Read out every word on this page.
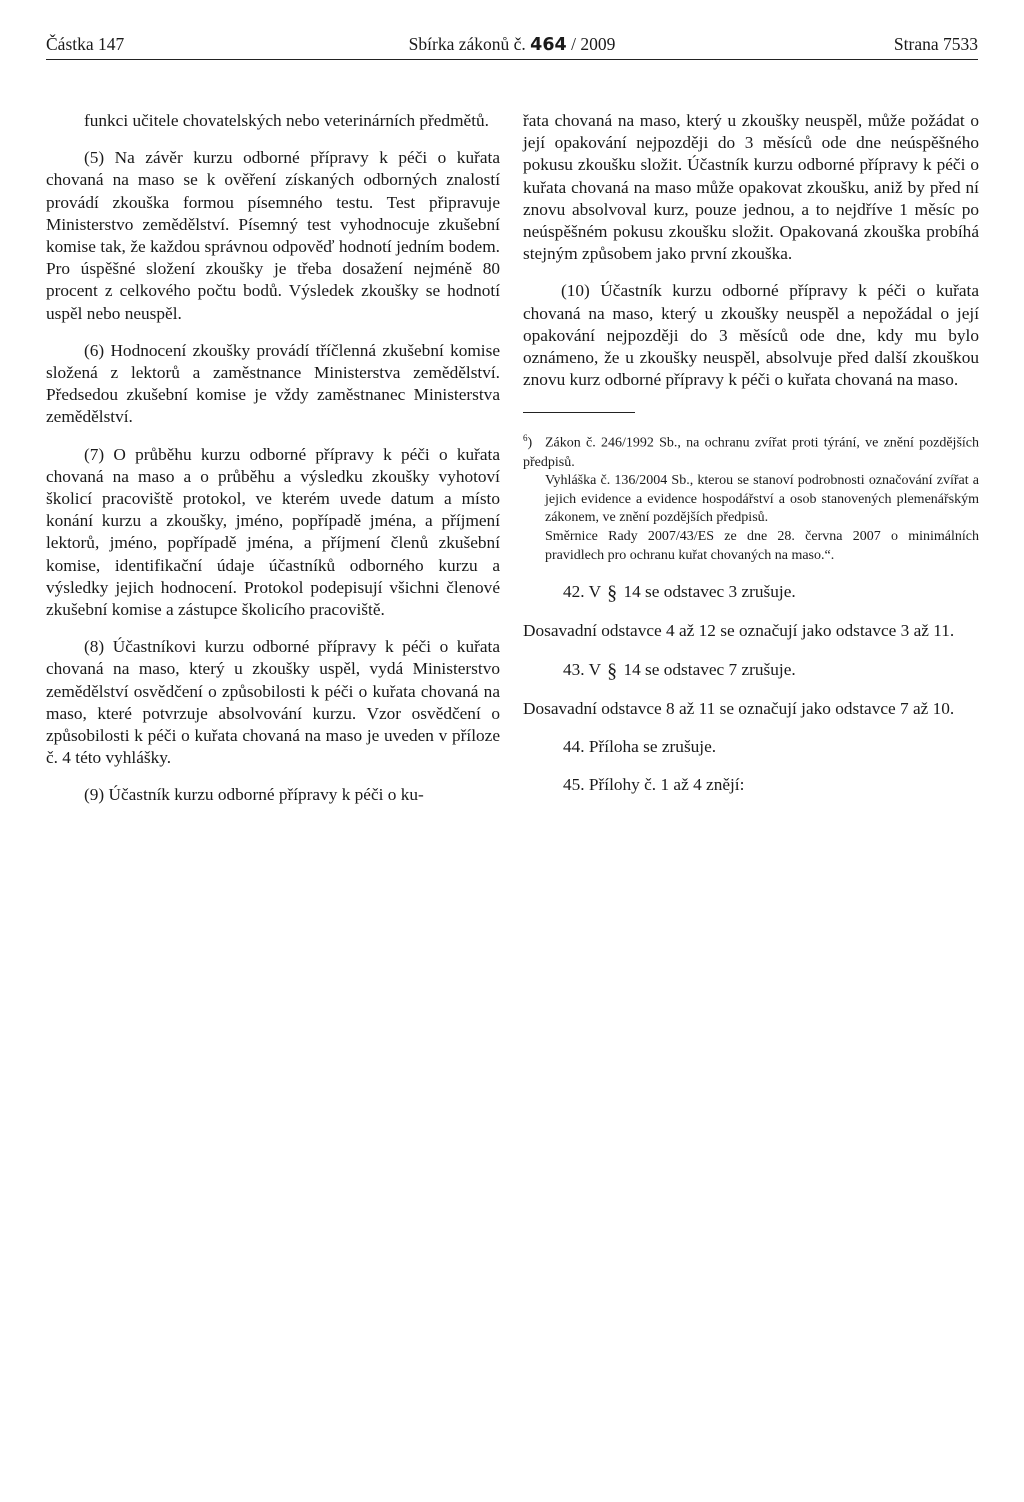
Částka 147	Sbírka zákonů č. 464 / 2009	Strana 7533

funkci učitele chovatelských nebo veterinárních předmětů.

(5) Na závěr kurzu odborné přípravy k péči o kuřata chovaná na maso se k ověření získaných odborných znalostí provádí zkouška formou písemného testu. Test připravuje Ministerstvo zemědělství. Písemný test vyhodnocuje zkušební komise tak, že každou správnou odpověď hodnotí jedním bodem. Pro úspěšné složení zkoušky je třeba dosažení nejméně 80 procent z celkového počtu bodů. Výsledek zkoušky se hodnotí uspěl nebo neuspěl.

(6) Hodnocení zkoušky provádí tříčlenná zkušební komise složená z lektorů a zaměstnance Ministerstva zemědělství. Předsedou zkušební komise je vždy zaměstnanec Ministerstva zemědělství.

(7) O průběhu kurzu odborné přípravy k péči o kuřata chovaná na maso a o průběhu a výsledku zkoušky vyhotoví školicí pracoviště protokol, ve kterém uvede datum a místo konání kurzu a zkoušky, jméno, popřípadě jména, a příjmení lektorů, jméno, popřípadě jména, a příjmení členů zkušební komise, identifikační údaje účastníků odborného kurzu a výsledky jejich hodnocení. Protokol podepisují všichni členové zkušební komise a zástupce školicího pracoviště.

(8) Účastníkovi kurzu odborné přípravy k péči o kuřata chovaná na maso, který u zkoušky uspěl, vydá Ministerstvo zemědělství osvědčení o způsobilosti k péči o kuřata chovaná na maso, které potvrzuje absolvování kurzu. Vzor osvědčení o způsobilosti k péči o kuřata chovaná na maso je uveden v příloze č. 4 této vyhlášky.

(9) Účastník kurzu odborné přípravy k péči o ku-

řata chovaná na maso, který u zkoušky neuspěl, může požádat o její opakování nejpozději do 3 měsíců ode dne neúspěšného pokusu zkoušku složit. Účastník kurzu odborné přípravy k péči o kuřata chovaná na maso může opakovat zkoušku, aniž by před ní znovu absolvoval kurz, pouze jednou, a to nejdříve 1 měsíc po neúspěšném pokusu zkoušku složit. Opakovaná zkouška probíhá stejným způsobem jako první zkouška.

(10) Účastník kurzu odborné přípravy k péči o kuřata chovaná na maso, který u zkoušky neuspěl a nepožádal o její opakování nejpozději do 3 měsíců ode dne, kdy mu bylo oznámeno, že u zkoušky neuspěl, absolvuje před další zkouškou znovu kurz odborné přípravy k péči o kuřata chovaná na maso.

$^6$) Zákon č. 246/1992 Sb., na ochranu zvířat proti týrání, ve znění pozdějších předpisů.
Vyhláška č. 136/2004 Sb., kterou se stanoví podrobnosti označování zvířat a jejich evidence a evidence hospodářství a osob stanovených plemenářským zákonem, ve znění pozdějších předpisů.
Směrnice Rady 2007/43/ES ze dne 28. června 2007 o minimálních pravidlech pro ochranu kuřat chovaných na maso.“.
42. V § 14 se odstavec 3 zrušuje.
Dosavadní odstavce 4 až 12 se označují jako odstavce 3 až 11.
43. V § 14 se odstavec 7 zrušuje.
Dosavadní odstavce 8 až 11 se označují jako odstavce 7 až 10.
44. Příloha se zrušuje.
45. Přílohy č. 1 až 4 znějí:
